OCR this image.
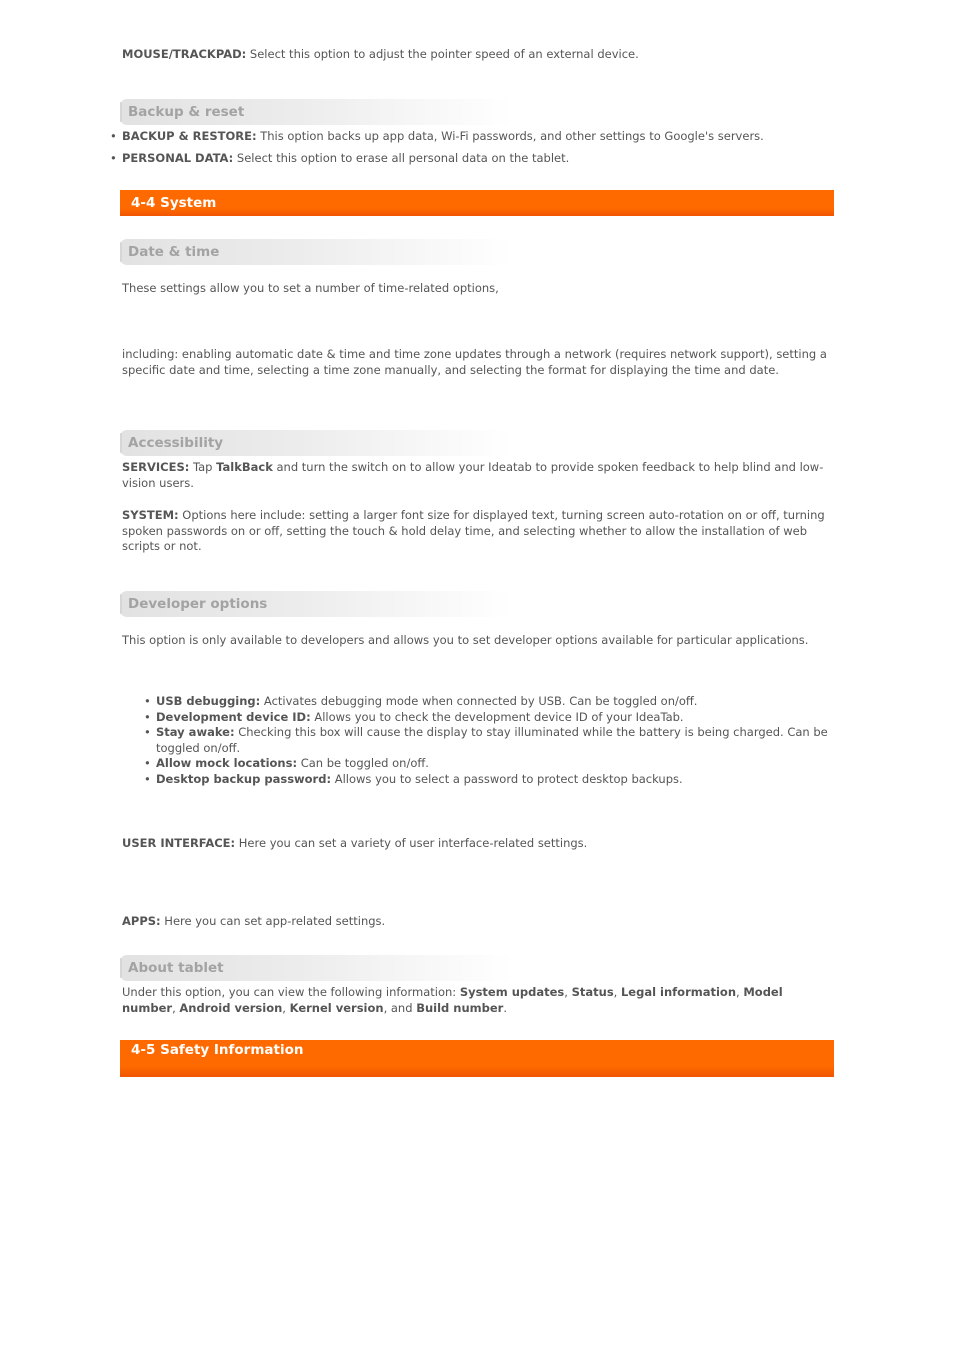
MOUSE/TRACKPAD: Select this option to adjust the pointer speed of an external device.

Backup & reset
• BACKUP & RESTORE: This option backs up app data, Wi-Fi passwords, and other settings to Google's servers.
• PERSONAL DATA: Select this option to erase all personal data on the tablet.
4-4 System
Date & time

These settings allow you to set a number of time-related options,

including: enabling automatic date & time and time zone updates through a network (requires network support), setting a specific date and time, selecting a time zone manually, and selecting the format for displaying the time and date.

Accessibility

SERVICES: Tap TalkBack and turn the switch on to allow your Ideatab to provide spoken feedback to help blind and low-vision users.

SYSTEM: Options here include: setting a larger font size for displayed text, turning screen auto-rotation on or off, turning spoken passwords on or off, setting the touch & hold delay time, and selecting whether to allow the installation of web scripts or not.

Developer options

This option is only available to developers and allows you to set developer options available for particular applications.

• USB debugging: Activates debugging mode when connected by USB. Can be toggled on/off.
• Development device ID: Allows you to check the development device ID of your IdeaTab.
• Stay awake: Checking this box will cause the display to stay illuminated while the battery is being charged. Can be toggled on/off.
• Allow mock locations: Can be toggled on/off.
• Desktop backup password: Allows you to select a password to protect desktop backups.

USER INTERFACE: Here you can set a variety of user interface-related settings.

APPS: Here you can set app-related settings.

About tablet

Under this option, you can view the following information: System updates, Status, Legal information, Model number, Android version, Kernel version, and Build number.

4-5 Safety Information
